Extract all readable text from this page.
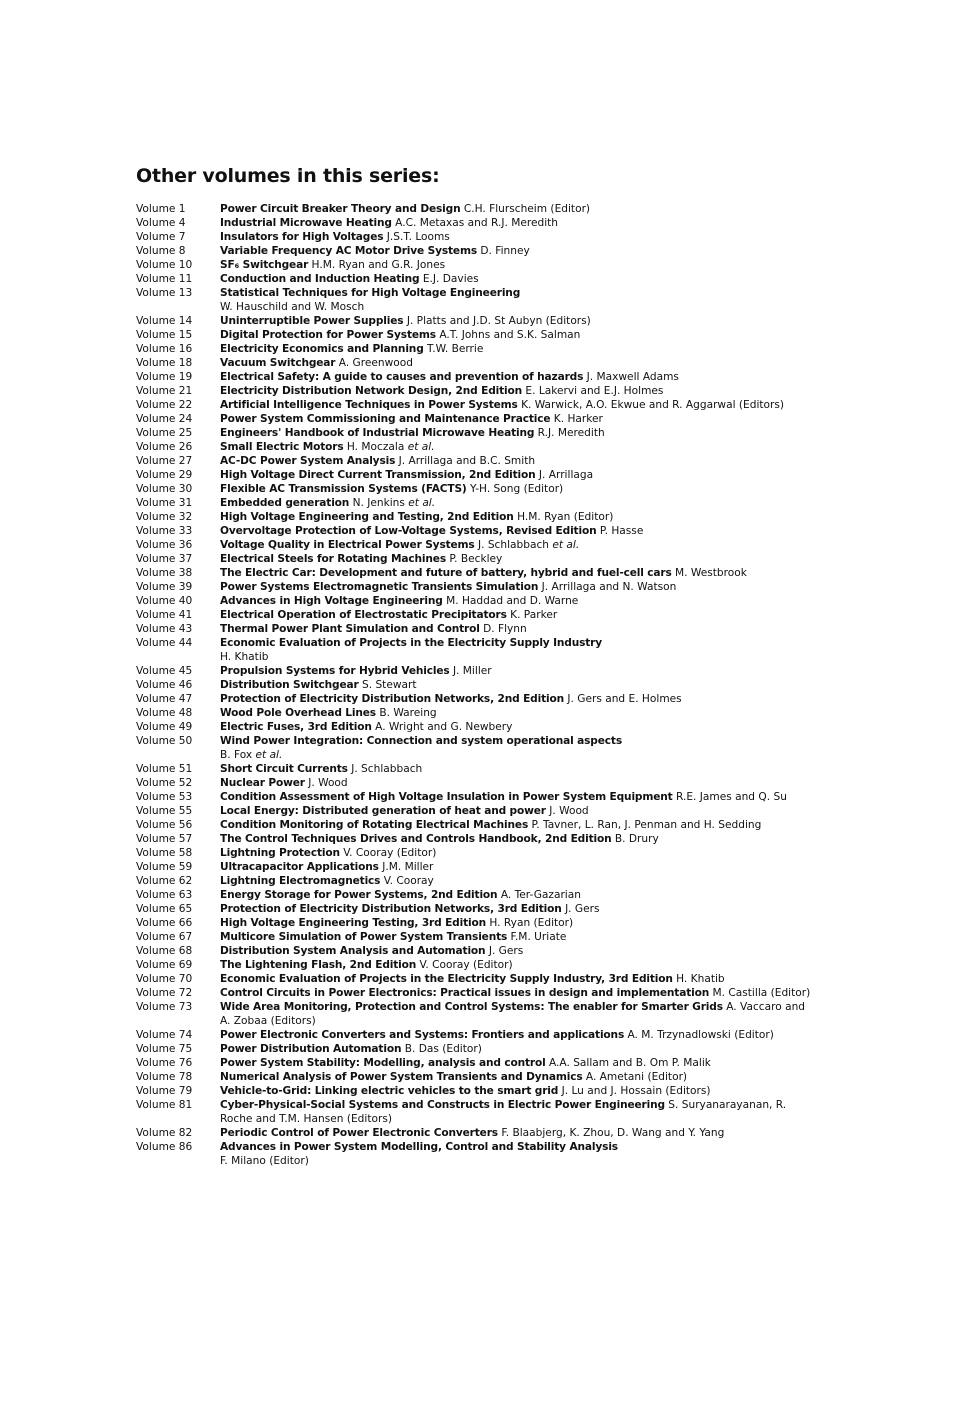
Other volumes in this series:
Volume 1	Power Circuit Breaker Theory and Design C.H. Flurscheim (Editor)
Volume 4	Industrial Microwave Heating A.C. Metaxas and R.J. Meredith
Volume 7	Insulators for High Voltages J.S.T. Looms
Volume 8	Variable Frequency AC Motor Drive Systems D. Finney
Volume 10	SF₆ Switchgear H.M. Ryan and G.R. Jones
Volume 11	Conduction and Induction Heating E.J. Davies
Volume 13	Statistical Techniques for High Voltage Engineering
W. Hauschild and W. Mosch
Volume 14	Uninterruptible Power Supplies J. Platts and J.D. St Aubyn (Editors)
Volume 15	Digital Protection for Power Systems A.T. Johns and S.K. Salman
Volume 16	Electricity Economics and Planning T.W. Berrie
Volume 18	Vacuum Switchgear A. Greenwood
Volume 19	Electrical Safety: A guide to causes and prevention of hazards J. Maxwell Adams
Volume 21	Electricity Distribution Network Design, 2nd Edition E. Lakervi and E.J. Holmes
Volume 22	Artificial Intelligence Techniques in Power Systems K. Warwick, A.O. Ekwue and R. Aggarwal (Editors)
Volume 24	Power System Commissioning and Maintenance Practice K. Harker
Volume 25	Engineers' Handbook of Industrial Microwave Heating R.J. Meredith
Volume 26	Small Electric Motors H. Moczala et al.
Volume 27	AC-DC Power System Analysis J. Arrillaga and B.C. Smith
Volume 29	High Voltage Direct Current Transmission, 2nd Edition J. Arrillaga
Volume 30	Flexible AC Transmission Systems (FACTS) Y-H. Song (Editor)
Volume 31	Embedded generation N. Jenkins et al.
Volume 32	High Voltage Engineering and Testing, 2nd Edition H.M. Ryan (Editor)
Volume 33	Overvoltage Protection of Low-Voltage Systems, Revised Edition P. Hasse
Volume 36	Voltage Quality in Electrical Power Systems J. Schlabbach et al.
Volume 37	Electrical Steels for Rotating Machines P. Beckley
Volume 38	The Electric Car: Development and future of battery, hybrid and fuel-cell cars M. Westbrook
Volume 39	Power Systems Electromagnetic Transients Simulation J. Arrillaga and N. Watson
Volume 40	Advances in High Voltage Engineering M. Haddad and D. Warne
Volume 41	Electrical Operation of Electrostatic Precipitators K. Parker
Volume 43	Thermal Power Plant Simulation and Control D. Flynn
Volume 44	Economic Evaluation of Projects in the Electricity Supply Industry
H. Khatib
Volume 45	Propulsion Systems for Hybrid Vehicles J. Miller
Volume 46	Distribution Switchgear S. Stewart
Volume 47	Protection of Electricity Distribution Networks, 2nd Edition J. Gers and E. Holmes
Volume 48	Wood Pole Overhead Lines B. Wareing
Volume 49	Electric Fuses, 3rd Edition A. Wright and G. Newbery
Volume 50	Wind Power Integration: Connection and system operational aspects
B. Fox et al.
Volume 51	Short Circuit Currents J. Schlabbach
Volume 52	Nuclear Power J. Wood
Volume 53	Condition Assessment of High Voltage Insulation in Power System Equipment R.E. James and Q. Su
Volume 55	Local Energy: Distributed generation of heat and power J. Wood
Volume 56	Condition Monitoring of Rotating Electrical Machines P. Tavner, L. Ran, J. Penman and H. Sedding
Volume 57	The Control Techniques Drives and Controls Handbook, 2nd Edition B. Drury
Volume 58	Lightning Protection V. Cooray (Editor)
Volume 59	Ultracapacitor Applications J.M. Miller
Volume 62	Lightning Electromagnetics V. Cooray
Volume 63	Energy Storage for Power Systems, 2nd Edition A. Ter-Gazarian
Volume 65	Protection of Electricity Distribution Networks, 3rd Edition J. Gers
Volume 66	High Voltage Engineering Testing, 3rd Edition H. Ryan (Editor)
Volume 67	Multicore Simulation of Power System Transients F.M. Uriate
Volume 68	Distribution System Analysis and Automation J. Gers
Volume 69	The Lightening Flash, 2nd Edition V. Cooray (Editor)
Volume 70	Economic Evaluation of Projects in the Electricity Supply Industry, 3rd Edition H. Khatib
Volume 72	Control Circuits in Power Electronics: Practical issues in design and implementation M. Castilla (Editor)
Volume 73	Wide Area Monitoring, Protection and Control Systems: The enabler for Smarter Grids A. Vaccaro and A. Zobaa (Editors)
Volume 74	Power Electronic Converters and Systems: Frontiers and applications A. M. Trzynadlowski (Editor)
Volume 75	Power Distribution Automation B. Das (Editor)
Volume 76	Power System Stability: Modelling, analysis and control A.A. Sallam and B. Om P. Malik
Volume 78	Numerical Analysis of Power System Transients and Dynamics A. Ametani (Editor)
Volume 79	Vehicle-to-Grid: Linking electric vehicles to the smart grid J. Lu and J. Hossain (Editors)
Volume 81	Cyber-Physical-Social Systems and Constructs in Electric Power Engineering S. Suryanarayanan, R. Roche and T.M. Hansen (Editors)
Volume 82	Periodic Control of Power Electronic Converters F. Blaabjerg, K. Zhou, D. Wang and Y. Yang
Volume 86	Advances in Power System Modelling, Control and Stability Analysis
F. Milano (Editor)
